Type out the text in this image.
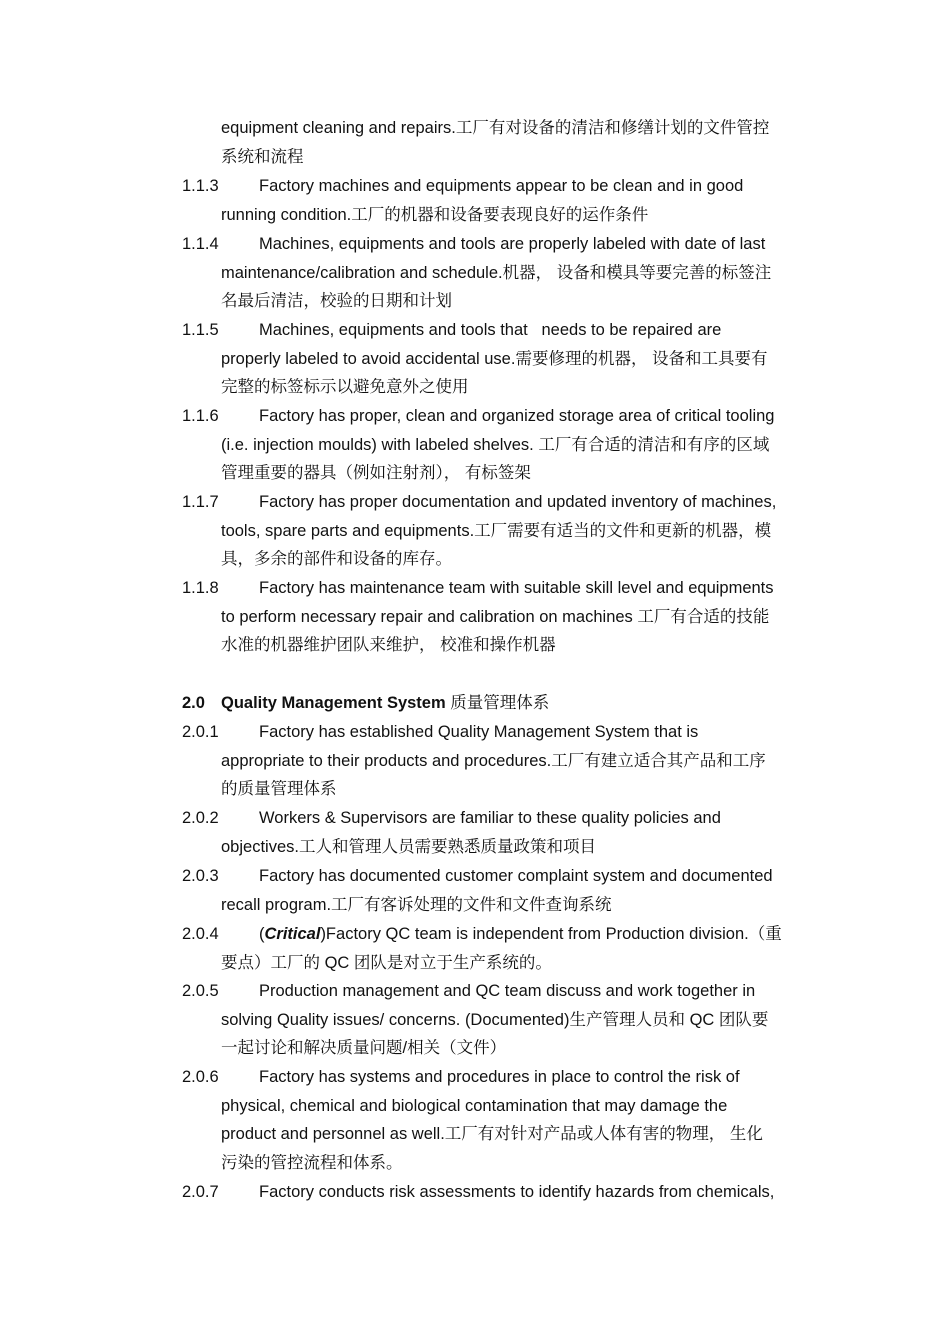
equipment cleaning and repairs.工厂有对设备的清洁和修缮计划的文件管控
系统和流程
1.1.3 Factory machines and equipments appear to be clean and in good
running condition.工厂的机器和设备要表现良好的运作条件
1.1.4 Machines, equipments and tools are properly labeled with date of last
maintenance/calibration and schedule.机器， 设备和模具等要完善的标签注
名最后清洁，校验的日期和计划
1.1.5 Machines, equipments and tools that   needs to be repaired are
properly labeled to avoid accidental use.需要修理的机器， 设备和工具要有
完整的标签标示以避免意外之使用
1.1.6 Factory has proper, clean and organized storage area of critical tooling
(i.e. injection moulds) with labeled shelves. 工厂有合适的清洁和有序的区域
管理重要的器具（例如注射剂）， 有标签架
1.1.7 Factory has proper documentation and updated inventory of machines,
tools, spare parts and equipments.工厂需要有适当的文件和更新的机器，模
具，多余的部件和设备的库存。
1.1.8 Factory has maintenance team with suitable skill level and equipments
to perform necessary repair and calibration on machines 工厂有合适的技能
水准的机器维护团队来维护， 校准和操作机器
2.0 Quality Management System 质量管理体系
2.0.1 Factory has established Quality Management System that is
appropriate to their products and procedures.工厂有建立适合其产品和工序
的质量管理体系
2.0.2 Workers & Supervisors are familiar to these quality policies and
objectives.工人和管理人员需要熟悉质量政策和项目
2.0.3 Factory has documented customer complaint system and documented
recall program.工厂有客诉处理的文件和文件查询系统
2.0.4 (Critical)Factory QC team is independent from Production division.（重
要点）工厂的 QC 团队是对立于生产系统的。
2.0.5 Production management and QC team discuss and work together in
solving Quality issues/ concerns. (Documented)生产管理人员和 QC 团队要
一起讨论和解决质量问题/相关（文件）
2.0.6 Factory has systems and procedures in place to control the risk of
physical, chemical and biological contamination that may damage the
product and personnel as well.工厂有对针对产品或人体有害的物理， 生化
污染的管控流程和体系。
2.0.7 Factory conducts risk assessments to identify hazards from chemicals,
